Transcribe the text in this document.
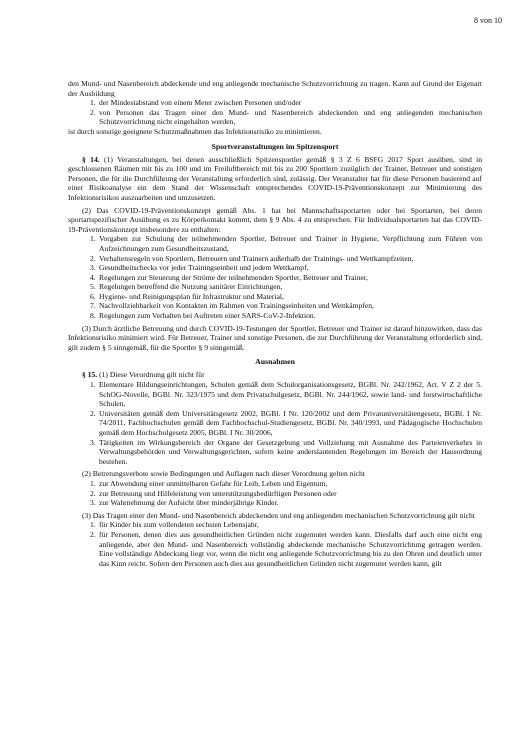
8 von 10

den Mund- und Nasenbereich abdeckende und eng anliegende mechanische Schutzvorrichtung zu tragen. Kann auf Grund der Eigenart der Ausbildung

1. der Mindestabstand von einem Meter zwischen Personen und/oder
2. von Personen das Tragen einer den Mund- und Nasenbereich abdeckenden und eng anliegenden mechanischen Schutzvorrichtung nicht eingehalten werden,

ist durch sonstige geeignete Schutzmaßnahmen das Infektionsrisiko zu minimieren.

Sportveranstaltungen im Spitzensport

§ 14. (1) Veranstaltungen, bei denen ausschließlich Spitzensportler gemäß § 3 Z 6 BSFG 2017 Sport ausüben, sind in geschlossenen Räumen mit bis zu 100 und im Freiluftbereich mit bis zu 200 Sportlern zuzüglich der Trainer, Betreuer und sonstigen Personen, die für die Durchführung der Veranstaltung erforderlich sind, zulässig. Der Veranstalter hat für diese Personen basierend auf einer Risikoanalyse ein dem Stand der Wissenschaft entsprechendes COVID-19-Präventionskonzept zur Minimierung des Infektionsrisikos auszuarbeiten und umzusetzen.

(2) Das COVID-19-Präventionskonzept gemäß Abs. 1 hat bei Mannschaftssportarten oder bei Sportarten, bei deren sportartspezifischer Ausübung es zu Körperkontakt kommt, dem § 9 Abs. 4 zu entsprechen. Für Individualsportarten hat das COVID-19-Präventionskonzept insbesondere zu enthalten:

1. Vorgaben zur Schulung der teilnehmenden Sportler, Betreuer und Trainer in Hygiene, Verpflichtung zum Führen von Aufzeichnungen zum Gesundheitszustand,
2. Verhaltensregeln von Sportlern, Betreuern und Trainern außerhalb der Trainings- und Wettkampfzeiten,
3. Gesundheitschecks vor jeder Trainingseinheit und jedem Wettkampf,
4. Regelungen zur Steuerung der Ströme der teilnehmenden Sportler, Betreuer und Trainer,
5. Regelungen betreffend die Nutzung sanitärer Einrichtungen,
6. Hygiene- und Reinigungsplan für Infrastruktur und Material,
7. Nachvollziehbarkeit von Kontakten im Rahmen von Trainingseinheiten und Wettkämpfen,
8. Regelungen zum Verhalten bei Auftreten einer SARS-CoV-2-Infektion.

(3) Durch ärztliche Betreuung und durch COVID-19-Testungen der Sportler, Betreuer und Trainer ist darauf hinzuwirken, dass das Infektionsrisiko minimiert wird. Für Betreuer, Trainer und sonstige Personen, die zur Durchführung der Veranstaltung erforderlich sind, gilt zudem § 5 sinngemäß, für die Sportler § 9 sinngemäß.

Ausnahmen

§ 15. (1) Diese Verordnung gilt nicht für

1. Elementare Bildungseinrichtungen, Schulen gemäß dem Schulorganisationsgesetz, BGBl. Nr. 242/1962, Art. V Z 2 der 5. SchOG-Novelle, BGBl. Nr. 323/1975 und dem Privatschulgesetz, BGBl. Nr. 244/1962, sowie land- und forstwirtschaftliche Schulen,
2. Universitäten gemäß dem Universitätsgesetz 2002, BGBl. I Nr. 120/2002 und dem Privatuniversitätengesetz, BGBl. I Nr. 74/2011, Fachhochschulen gemäß dem Fachhochschul-Studiengesetz, BGBl. Nr. 340/1993, und Pädagogische Hochschulen gemäß dem Hochschulgesetz 2005, BGBl. I Nr. 30/2006,
3. Tätigkeiten im Wirkungsbereich der Organe der Gesetzgebung und Vollziehung mit Ausnahme des Parteienverkehrs in Verwaltungsbehörden und Verwaltungsgerichten, sofern keine anderslautenden Regelungen im Bereich der Hausordnung bestehen.

(2) Betretungsverbote sowie Bedingungen und Auflagen nach dieser Verordnung gelten nicht

1. zur Abwendung einer unmittelbaren Gefahr für Leib, Leben und Eigentum,
2. zur Betreuung und Hilfeleistung von unterstützungsbedürftigen Personen oder
3. zur Wahrnehmung der Aufsicht über minderjährige Kinder.

(3) Das Tragen einer den Mund- und Nasenbereich abdeckenden und eng anliegenden mechanischen Schutzvorrichtung gilt nicht

1. für Kinder bis zum vollendeten sechsten Lebensjahr,
2. für Personen, denen dies aus gesundheitlichen Gründen nicht zugemutet werden kann. Diesfalls darf auch eine nicht eng anliegende, aber den Mund- und Nasenbereich vollständig abdeckende mechanische Schutzvorrichtung getragen werden. Eine vollständige Abdeckung liegt vor, wenn die nicht eng anliegende Schutzvorrichtung bis zu den Ohren und deutlich unter das Kinn reicht. Sofern den Personen auch dies aus gesundheitlichen Gründen nicht zugemutet werden kann, gilt
